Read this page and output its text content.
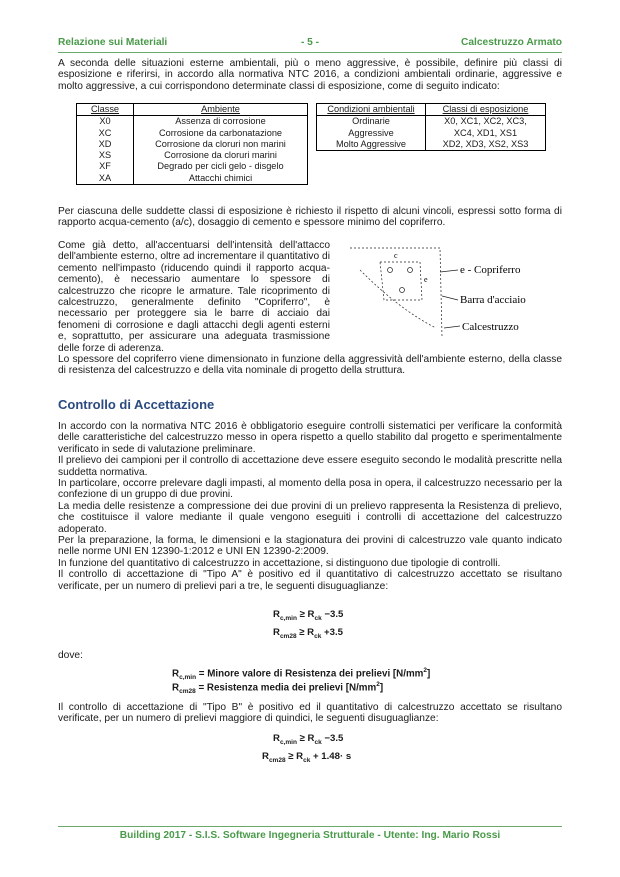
Relazione sui Materiali	- 5 -	Calcestruzzo Armato
A seconda delle situazioni esterne ambientali, più o meno aggressive, è possibile, definire più classi di esposizione e riferirsi, in accordo alla normativa NTC 2016, a condizioni ambientali ordinarie, aggressive e molto aggressive, a cui corrispondono determinate classi di esposizione, come di seguito indicato:
Classe	Ambiente
X0	Assenza di corrosione
XC	Corrosione da carbonatazione
XD	Corrosione da cloruri non marini
XS	Corrosione da cloruri marini
XF	Degrado per cicli gelo - disgelo
XA	Attacchi chimici
Condizioni ambientali	Classi di esposizione
Ordinarie	X0, XC1, XC2, XC3,
Aggressive	XC4, XD1, XS1
Molto Aggressive	XD2, XD3, XS2, XS3
Per ciascuna delle suddette classi di esposizione è richiesto il rispetto di alcuni vincoli, espressi sotto forma di rapporto acqua-cemento (a/c), dosaggio di cemento e spessore minimo del copriferro.
Come già detto, all'accentuarsi dell'intensità dell'attacco dell'ambiente esterno, oltre ad incrementare il quantitativo di cemento nell'impasto (riducendo quindi il rapporto acqua-cemento), è necessario aumentare lo spessore di calcestruzzo che ricopre le armature. Tale ricoprimento di calcestruzzo, generalmente definito "Copriferro", è necessario per proteggere sia le barre di acciaio dai fenomeni di corrosione e dagli attacchi degli agenti esterni e, soprattutto, per assicurare una adeguata trasmissione delle forze di aderenza.
c
e
e - Copriferro
Barra d'acciaio
Calcestruzzo
Lo spessore del copriferro viene dimensionato in funzione della aggressività dell'ambiente esterno, della classe di resistenza del calcestruzzo e della vita nominale di progetto della struttura.
Controllo di Accettazione
In accordo con la normativa NTC 2016 è obbligatorio eseguire controlli sistematici per verificare la conformità delle caratteristiche del calcestruzzo messo in opera rispetto a quello stabilito dal progetto e sperimentalmente verificato in sede di valutazione preliminare.
Il prelievo dei campioni per il controllo di accettazione deve essere eseguito secondo le modalità prescritte nella suddetta normativa.
In particolare, occorre prelevare dagli impasti, al momento della posa in opera, il calcestruzzo necessario per la confezione di un gruppo di due provini.
La media delle resistenze a compressione dei due provini di un prelievo rappresenta la Resistenza di prelievo, che costituisce il valore mediante il quale vengono eseguiti i controlli di accettazione del calcestruzzo adoperato.
Per la preparazione, la forma, le dimensioni e la stagionatura dei provini di calcestruzzo vale quanto indicato nelle norme UNI EN 12390-1:2012 e UNI EN 12390-2:2009.
In funzione del quantitativo di calcestruzzo in accettazione, si distinguono due tipologie di controlli.
Il controllo di accettazione di "Tipo A" è positivo ed il quantitativo di calcestruzzo accettato se risultano verificate, per un numero di prelievi pari a tre, le seguenti disuguaglianze:
$R_{c,min} \ge R_{ck} -3.5$
$R_{cm28} \ge R_{ck} +3.5$
dove:
$R_{c,min}$ = Minore valore di Resistenza dei prelievi $[N/mm^2]$
$R_{cm28}$ = Resistenza media dei prelievi $[N/mm^2]$
Il controllo di accettazione di "Tipo B" è positivo ed il quantitativo di calcestruzzo accettato se risultano verificate, per un numero di prelievi maggiore di quindici, le seguenti disuguaglianze:
$R_{c,min} \ge R_{ck} -3.5$
$R_{cm28} \ge R_{ck} + 1.48\cdot s$
Building 2017 - S.I.S. Software Ingegneria Strutturale - Utente: Ing. Mario Rossi
